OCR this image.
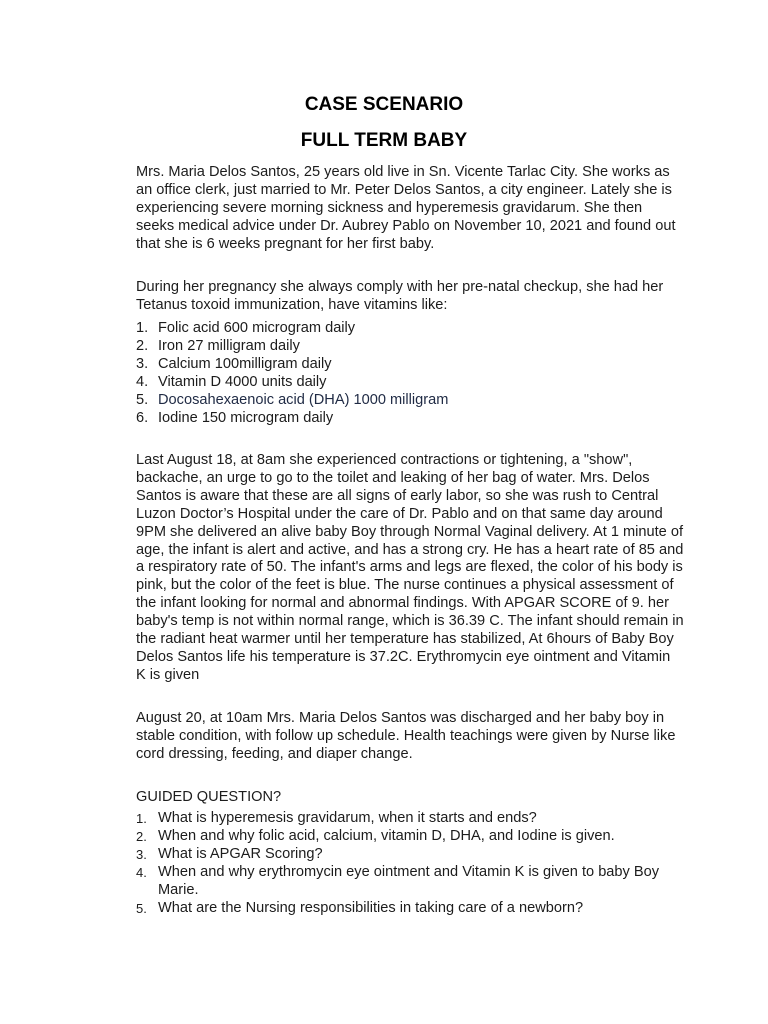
CASE SCENARIO
FULL TERM BABY

Mrs. Maria Delos Santos, 25 years old live in Sn. Vicente Tarlac City. She works as an office clerk, just married to Mr. Peter Delos Santos, a city engineer. Lately she is experiencing severe morning sickness and hyperemesis gravidarum. She then seeks medical advice under Dr. Aubrey Pablo on November 10, 2021 and found out that she is 6 weeks pregnant for her first baby.

During her pregnancy she always comply with her pre-natal checkup, she had her Tetanus toxoid immunization, have vitamins like:

1. Folic acid 600 microgram daily
2. Iron 27 milligram daily
3. Calcium 100milligram daily
4. Vitamin D 4000 units daily
5. Docosahexaenoic acid (DHA) 1000 milligram
6. Iodine 150 microgram daily

Last August 18, at 8am she experienced contractions or tightening, a "show", backache, an urge to go to the toilet and leaking of her bag of water. Mrs. Delos Santos is aware that these are all signs of early labor, so she was rush to Central Luzon Doctor’s Hospital under the care of Dr. Pablo and on that same day around 9PM she delivered an alive baby Boy through Normal Vaginal delivery. At 1 minute of age, the infant is alert and active, and has a strong cry. He has a heart rate of 85 and a respiratory rate of 50. The infant's arms and legs are flexed, the color of his body is pink, but the color of the feet is blue. The nurse continues a physical assessment of the infant looking for normal and abnormal findings. With APGAR SCORE of 9. her baby's temp is not within normal range, which is 36.39 C. The infant should remain in the radiant heat warmer until her temperature has stabilized, At 6hours of Baby Boy Delos Santos life his temperature is 37.2C. Erythromycin eye ointment and Vitamin K is given

August 20, at 10am Mrs. Maria Delos Santos was discharged and her baby boy in stable condition, with follow up schedule. Health teachings were given by Nurse like cord dressing, feeding, and diaper change.

GUIDED QUESTION?

1. What is hyperemesis gravidarum, when it starts and ends?
2. When and why folic acid, calcium, vitamin D, DHA, and Iodine is given.
3. What is APGAR Scoring?
4. When and why erythromycin eye ointment and Vitamin K is given to baby Boy Marie.
5. What are the Nursing responsibilities in taking care of a newborn?
